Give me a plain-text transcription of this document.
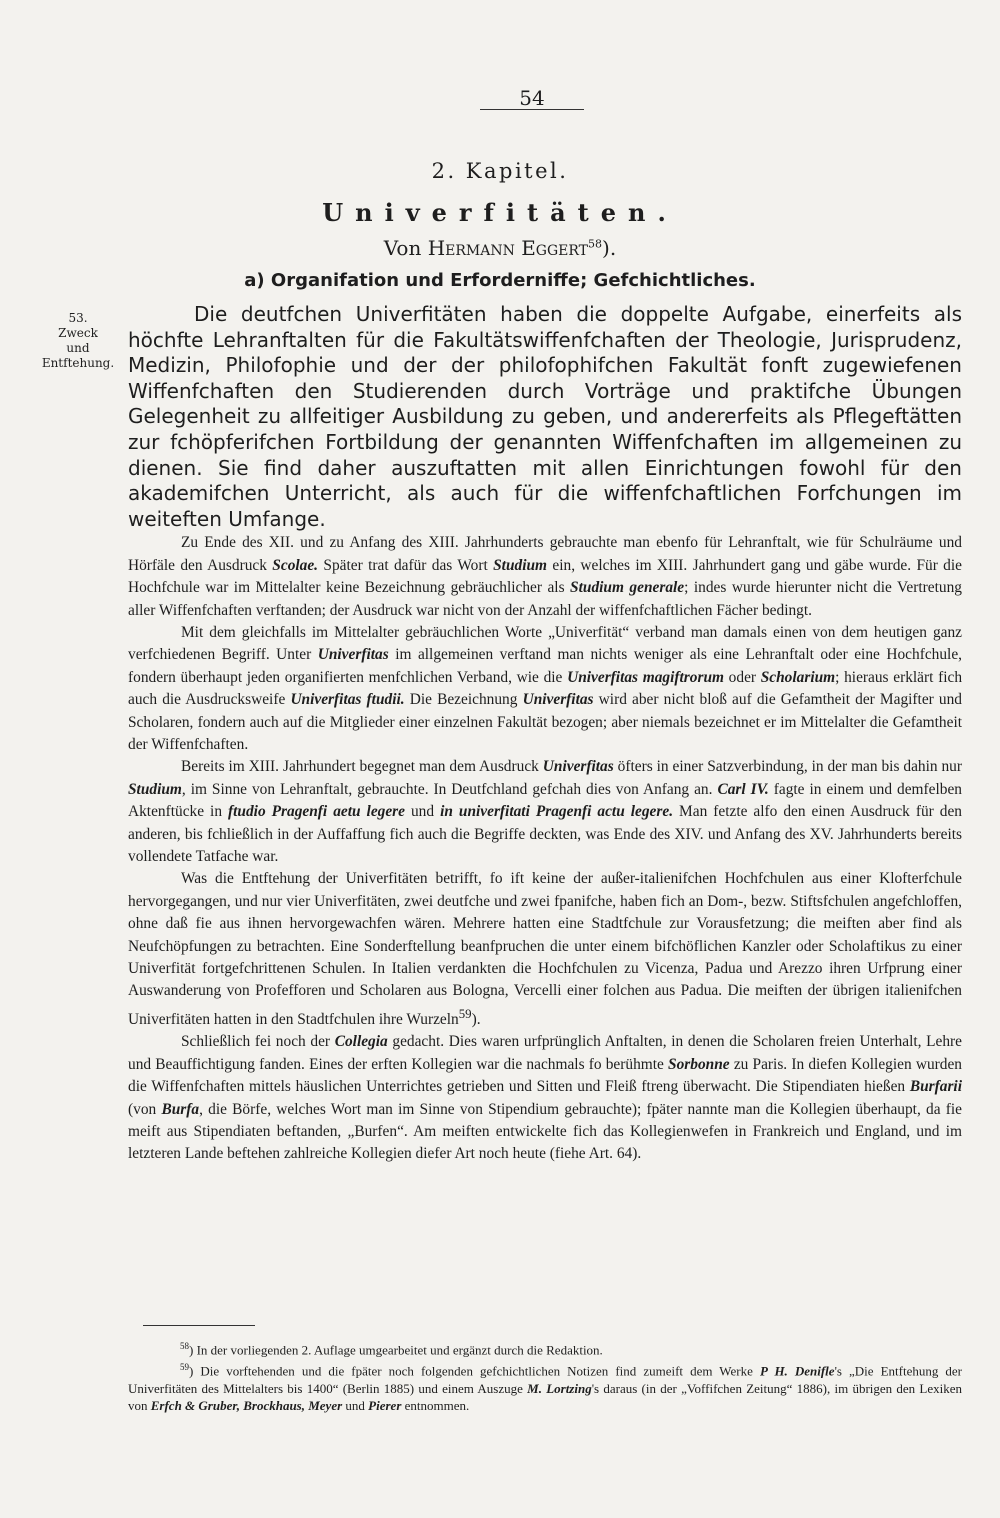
54
2. Kapitel.
Univerfitäten.
Von Hermann Eggert$^{58}$).
a) Organifation und Erforderniffe; Gefchichtliches.
53.
Zweck
und
Entftehung.

Die deutfchen Univerfitäten haben die doppelte Aufgabe, einerfeits als höchfte Lehranftalten für die Fakultätswiffenfchaften der Theologie, Jurisprudenz, Medizin, Philofophie und der der philofophifchen Fakultät fonft zugewiefenen Wiffenfchaften den Studierenden durch Vorträge und praktifche Übungen Gelegenheit zu allfeitiger Ausbildung zu geben, und andererfeits als Pflegeftätten zur fchöpferifchen Fortbildung der genannten Wiffenfchaften im allgemeinen zu dienen. Sie find daher auszuftatten mit allen Einrichtungen fowohl für den akademifchen Unterricht, als auch für die wiffenfchaftlichen Forfchungen im weiteften Umfange.

Zu Ende des XII. und zu Anfang des XIII. Jahrhunderts gebrauchte man ebenfo für Lehranftalt, wie für Schulräume und Hörfäle den Ausdruck Scolae. Später trat dafür das Wort Studium ein, welches im XIII. Jahrhundert gang und gäbe wurde. Für die Hochfchule war im Mittelalter keine Bezeichnung gebräuchlicher als Studium generale; indes wurde hierunter nicht die Vertretung aller Wiffenfchaften verftanden; der Ausdruck war nicht von der Anzahl der wiffenfchaftlichen Fächer bedingt.

Mit dem gleichfalls im Mittelalter gebräuchlichen Worte „Univerfität“ verband man damals einen von dem heutigen ganz verfchiedenen Begriff. Unter Univerfitas im allgemeinen verftand man nichts weniger als eine Lehranftalt oder eine Hochfchule, fondern überhaupt jeden organifierten menfchlichen Verband, wie die Univerfitas magiftrorum oder Scholarium; hieraus erklärt fich auch die Ausdrucksweife Univerfitas ftudii. Die Bezeichnung Univerfitas wird aber nicht bloß auf die Gefamtheit der Magifter und Scholaren, fondern auch auf die Mitglieder einer einzelnen Fakultät bezogen; aber niemals bezeichnet er im Mittelalter die Gefamtheit der Wiffenfchaften.

Bereits im XIII. Jahrhundert begegnet man dem Ausdruck Univerfitas öfters in einer Satzverbindung, in der man bis dahin nur Studium, im Sinne von Lehranftalt, gebrauchte. In Deutfchland gefchah dies von Anfang an. Carl IV. fagte in einem und demfelben Aktenftücke in ftudio Pragenfi aetu legere und in univerfitati Pragenfi actu legere. Man fetzte alfo den einen Ausdruck für den anderen, bis fchließlich in der Auffaffung fich auch die Begriffe deckten, was Ende des XIV. und Anfang des XV. Jahrhunderts bereits vollendete Tatfache war.

Was die Entftehung der Univerfitäten betrifft, fo ift keine der außer-italienifchen Hochfchulen aus einer Klofterfchule hervorgegangen, und nur vier Univerfitäten, zwei deutfche und zwei fpanifche, haben fich an Dom-, bezw. Stiftsfchulen angefchloffen, ohne daß fie aus ihnen hervorgewachfen wären. Mehrere hatten eine Stadtfchule zur Vorausfetzung; die meiften aber find als Neufchöpfungen zu betrachten. Eine Sonderftellung beanfpruchen die unter einem bifchöflichen Kanzler oder Scholaftikus zu einer Univerfität fortgefchrittenen Schulen. In Italien verdankten die Hochfchulen zu Vicenza, Padua und Arezzo ihren Urfprung einer Auswanderung von Profefforen und Scholaren aus Bologna, Vercelli einer folchen aus Padua. Die meiften der übrigen italienifchen Univerfitäten hatten in den Stadtfchulen ihre Wurzeln$^{59}$).

Schließlich fei noch der Collegia gedacht. Dies waren urfprünglich Anftalten, in denen die Scholaren freien Unterhalt, Lehre und Beauffichtigung fanden. Eines der erften Kollegien war die nachmals fo berühmte Sorbonne zu Paris. In diefen Kollegien wurden die Wiffenfchaften mittels häuslichen Unterrichtes getrieben und Sitten und Fleiß ftreng überwacht. Die Stipendiaten hießen Burfarii (von Burfa, die Börfe, welches Wort man im Sinne von Stipendium gebrauchte); fpäter nannte man die Kollegien überhaupt, da fie meift aus Stipendiaten beftanden, „Burfen“. Am meiften entwickelte fich das Kollegienwefen in Frankreich und England, und im letzteren Lande beftehen zahlreiche Kollegien diefer Art noch heute (fiehe Art. 64).

$^{58}$) In der vorliegenden 2. Auflage umgearbeitet und ergänzt durch die Redaktion.

$^{59}$) Die vorftehenden und die fpäter noch folgenden gefchichtlichen Notizen find zumeift dem Werke P H. Denifle's „Die Entftehung der Univerfitäten des Mittelalters bis 1400“ (Berlin 1885) und einem Auszuge M. Lortzing's daraus (in der „Voffifchen Zeitung“ 1886), im übrigen den Lexiken von Erfch & Gruber, Brockhaus, Meyer und Pierer entnommen.
